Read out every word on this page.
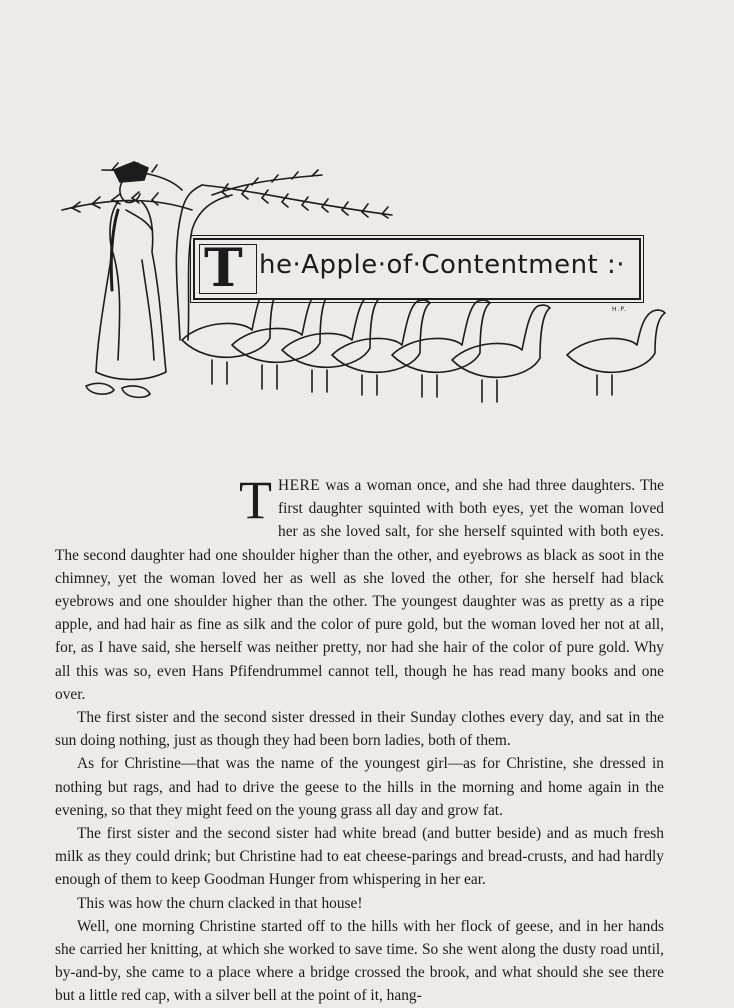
T he·Apple·of·Contentment :·
H.P.

THERE was a woman once, and she had three daughters. The first daughter squinted with both eyes, yet the woman loved her as she loved salt, for she herself squinted with both eyes. The second daughter had one shoulder higher than the other, and eyebrows as black as soot in the chimney, yet the woman loved her as well as she loved the other, for she herself had black eyebrows and one shoulder higher than the other. The youngest daughter was as pretty as a ripe apple, and had hair as fine as silk and the color of pure gold, but the woman loved her not at all, for, as I have said, she herself was neither pretty, nor had she hair of the color of pure gold. Why all this was so, even Hans Pfifendrummel cannot tell, though he has read many books and one over.

The first sister and the second sister dressed in their Sunday clothes every day, and sat in the sun doing nothing, just as though they had been born ladies, both of them.

As for Christine—that was the name of the youngest girl—as for Christine, she dressed in nothing but rags, and had to drive the geese to the hills in the morning and home again in the evening, so that they might feed on the young grass all day and grow fat.

The first sister and the second sister had white bread (and butter beside) and as much fresh milk as they could drink; but Christine had to eat cheese-parings and bread-crusts, and had hardly enough of them to keep Goodman Hunger from whispering in her ear.

This was how the churn clacked in that house!

Well, one morning Christine started off to the hills with her flock of geese, and in her hands she carried her knitting, at which she worked to save time. So she went along the dusty road until, by-and-by, she came to a place where a bridge crossed the brook, and what should she see there but a little red cap, with a silver bell at the point of it, hang-
